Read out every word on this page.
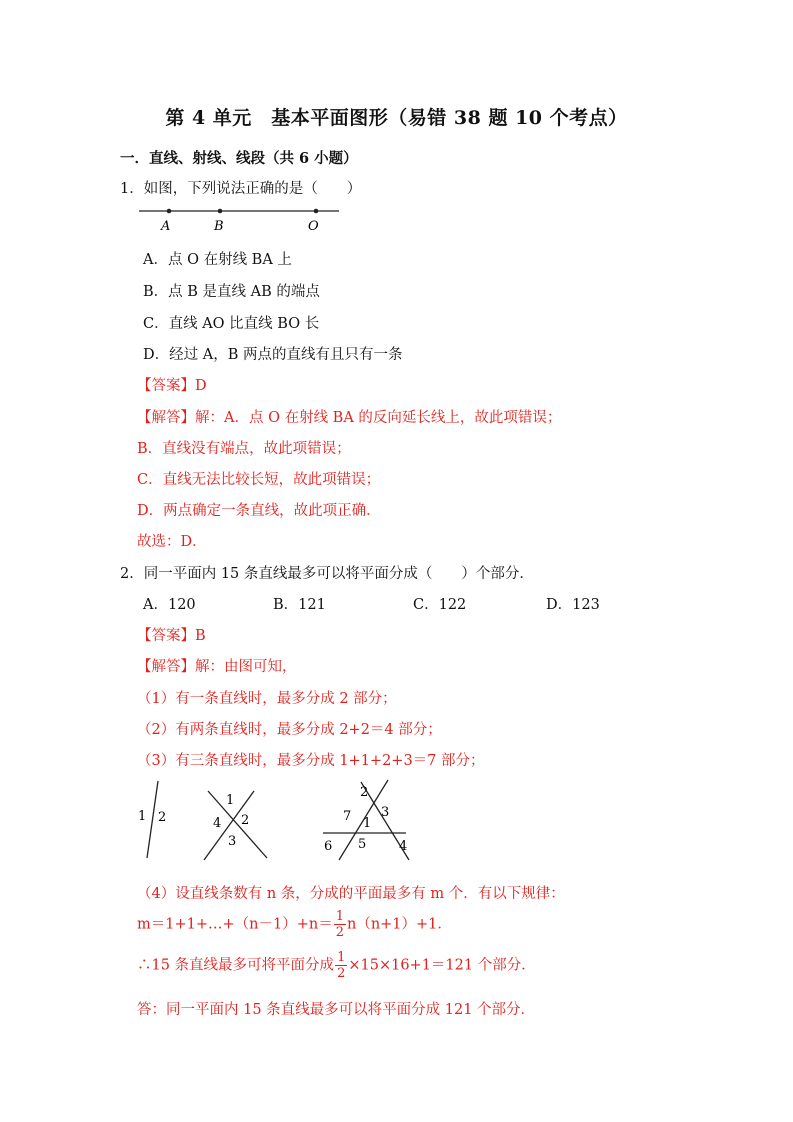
第 4 单元　基本平面图形（易错 38 题 10 个考点）
一．直线、射线、线段（共 6 小题）
1．如图，下列说法正确的是（　　）
A	B	O
A．点 O 在射线 BA 上
B．点 B 是直线 AB 的端点
C．直线 AO 比直线 BO 长
D．经过 A，B 两点的直线有且只有一条
【答案】D
【解答】解：A．点 O 在射线 BA 的反向延长线上，故此项错误；
B．直线没有端点，故此项错误；
C．直线无法比较长短，故此项错误；
D．两点确定一条直线，故此项正确．
故选：D．
2．同一平面内 15 条直线最多可以将平面分成（　　）个部分．
A．120	B．121	C．122	D．123
【答案】B
【解答】解：由图可知，
（1）有一条直线时，最多分成 2 部分；
（2）有两条直线时，最多分成 2+2＝4 部分；
（3）有三条直线时，最多分成 1+1+2+3＝7 部分；
1 2
1
2
3
4
2
3
7 1
6 5	4
（4）设直线条数有 n 条，分成的平面最多有 m 个．有以下规律：
m＝1+1+…+（n－1）+n＝ $\frac{1}{2} n(n+1)+1$．
∴15 条直线最多可将平面分成 $\frac{1}{2} \times 15\times 16+1=121$ 个部分．
答：同一平面内 15 条直线最多可以将平面分成 121 个部分．
